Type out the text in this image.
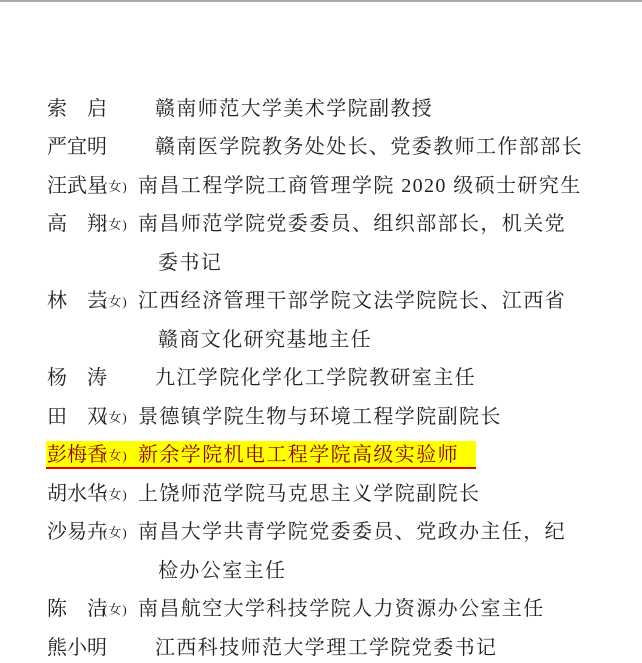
索 启 赣南师范大学美术学院副教授
严 宜 明 赣南医学院教务处处长、党委教师工作部部长
汪 武 星
(女) 南昌工程学院工商管理学院 2020 级硕士研究生
高 翔
(女) 南昌师范学院党委委员、组织部部长，机关党
委书记
林 芸
(女) 江西经济管理干部学院文法学院院长、江西省
赣商文化研究基地主任
杨 涛 九江学院化学化工学院教研室主任
田 双
(女) 景德镇学院生物与环境工程学院副院长
彭 梅 香
(女) 新余学院机电工程学院高级实验师
胡 水 华
(女) 上饶师范学院马克思主义学院副院长
沙 易 卉
(女) 南昌大学共青学院党委委员、党政办主任，纪
检办公室主任
陈 洁
(女) 南昌航空大学科技学院人力资源办公室主任
熊 小 明 江西科技师范大学理工学院党委书记
